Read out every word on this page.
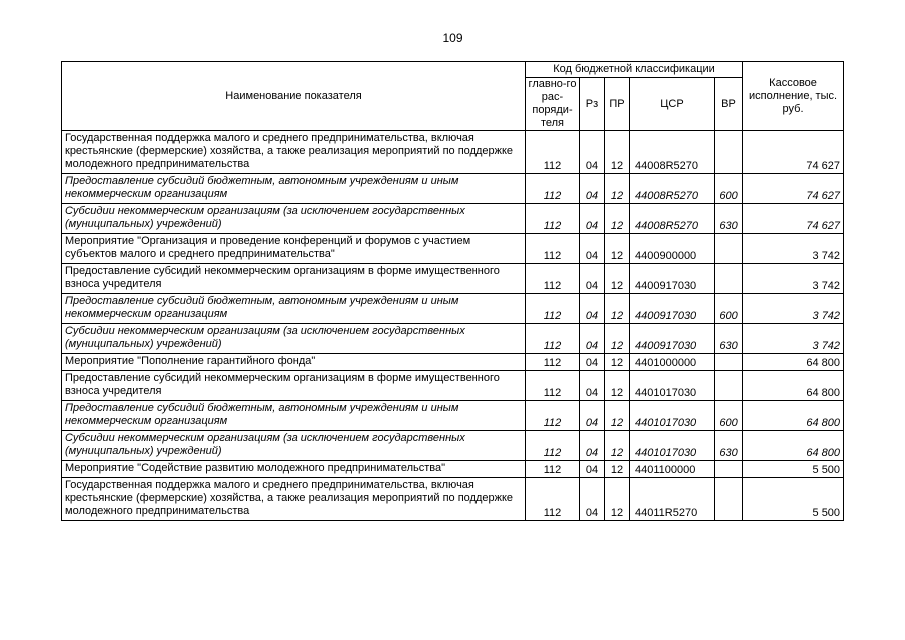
109
Наименование показателя	Код бюджетной классификации					Кассовое исполнение, тыс. руб.
	главно-го рас-поряди-теля	Рз	ПР	ЦСР	ВР	
Государственная поддержка малого и среднего предпринимательства, включая крестьянские (фермерские) хозяйства, а также реализация мероприятий по поддержке молодежного предпринимательства	112	04	12	44008R5270		74 627
Предоставление субсидий бюджетным, автономным учреждениям и иным некоммерческим организациям	112	04	12	44008R5270	600	74 627
Субсидии некоммерческим организациям (за исключением государственных (муниципальных) учреждений)	112	04	12	44008R5270	630	74 627
Мероприятие "Организация и проведение конференций и форумов с участием субъектов малого и среднего предпринимательства"	112	04	12	4400900000		3 742
Предоставление субсидий некоммерческим организациям в форме имущественного взноса учредителя	112	04	12	4400917030		3 742
Предоставление субсидий бюджетным, автономным учреждениям и иным некоммерческим организациям	112	04	12	4400917030	600	3 742
Субсидии некоммерческим организациям (за исключением государственных (муниципальных) учреждений)	112	04	12	4400917030	630	3 742
Мероприятие "Пополнение гарантийного фонда"	112	04	12	4401000000		64 800
Предоставление субсидий некоммерческим организациям в форме имущественного взноса учредителя	112	04	12	4401017030		64 800
Предоставление субсидий бюджетным, автономным учреждениям и иным некоммерческим организациям	112	04	12	4401017030	600	64 800
Субсидии некоммерческим организациям (за исключением государственных (муниципальных) учреждений)	112	04	12	4401017030	630	64 800
Мероприятие "Содействие развитию молодежного предпринимательства"	112	04	12	4401100000		5 500
Государственная поддержка малого и среднего предпринимательства, включая крестьянские (фермерские) хозяйства, а также реализация мероприятий по поддержке молодежного предпринимательства	112	04	12	44011R5270		5 500
